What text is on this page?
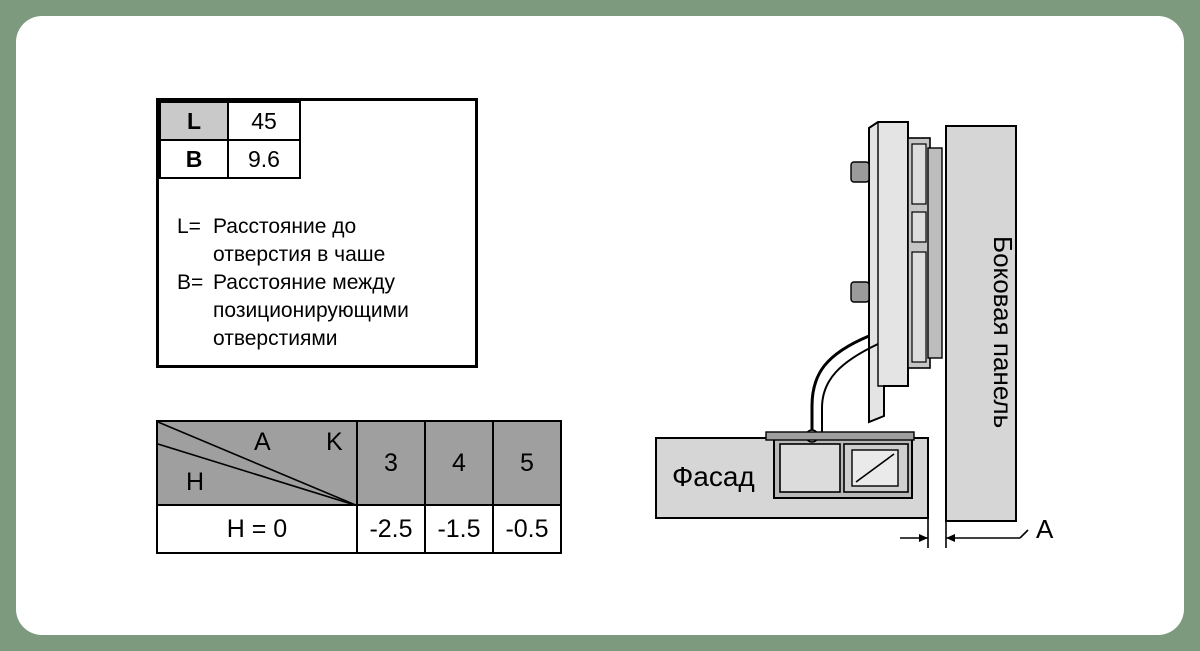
L	45
B	9.6
L= Расстояние до
отверстия в чаше
B= Расстояние между
позиционирующими
отверстиями
A K
H	3	4	5
H = 0	-2.5	-1.5	-0.5
Боковая панель
Фасад
A
